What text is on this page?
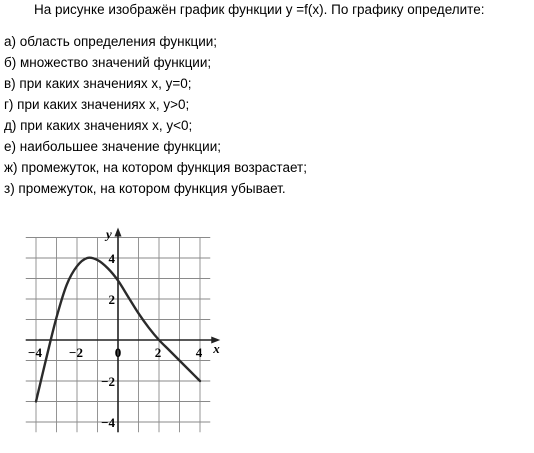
На рисунке изображён график функции y =f(x). По графику определите:
а) область определения функции;
б) множество значений функции;
в) при каких значениях x, y=0;
г) при каких значениях x, y>0;
д) при каких значениях x, y<0;
е) наибольшее значение функции;
ж) промежуток, на котором функция возрастает;
з) промежуток, на котором функция убывает.
x
y
−4 −2 0	2	4
4
2
−2
−4
